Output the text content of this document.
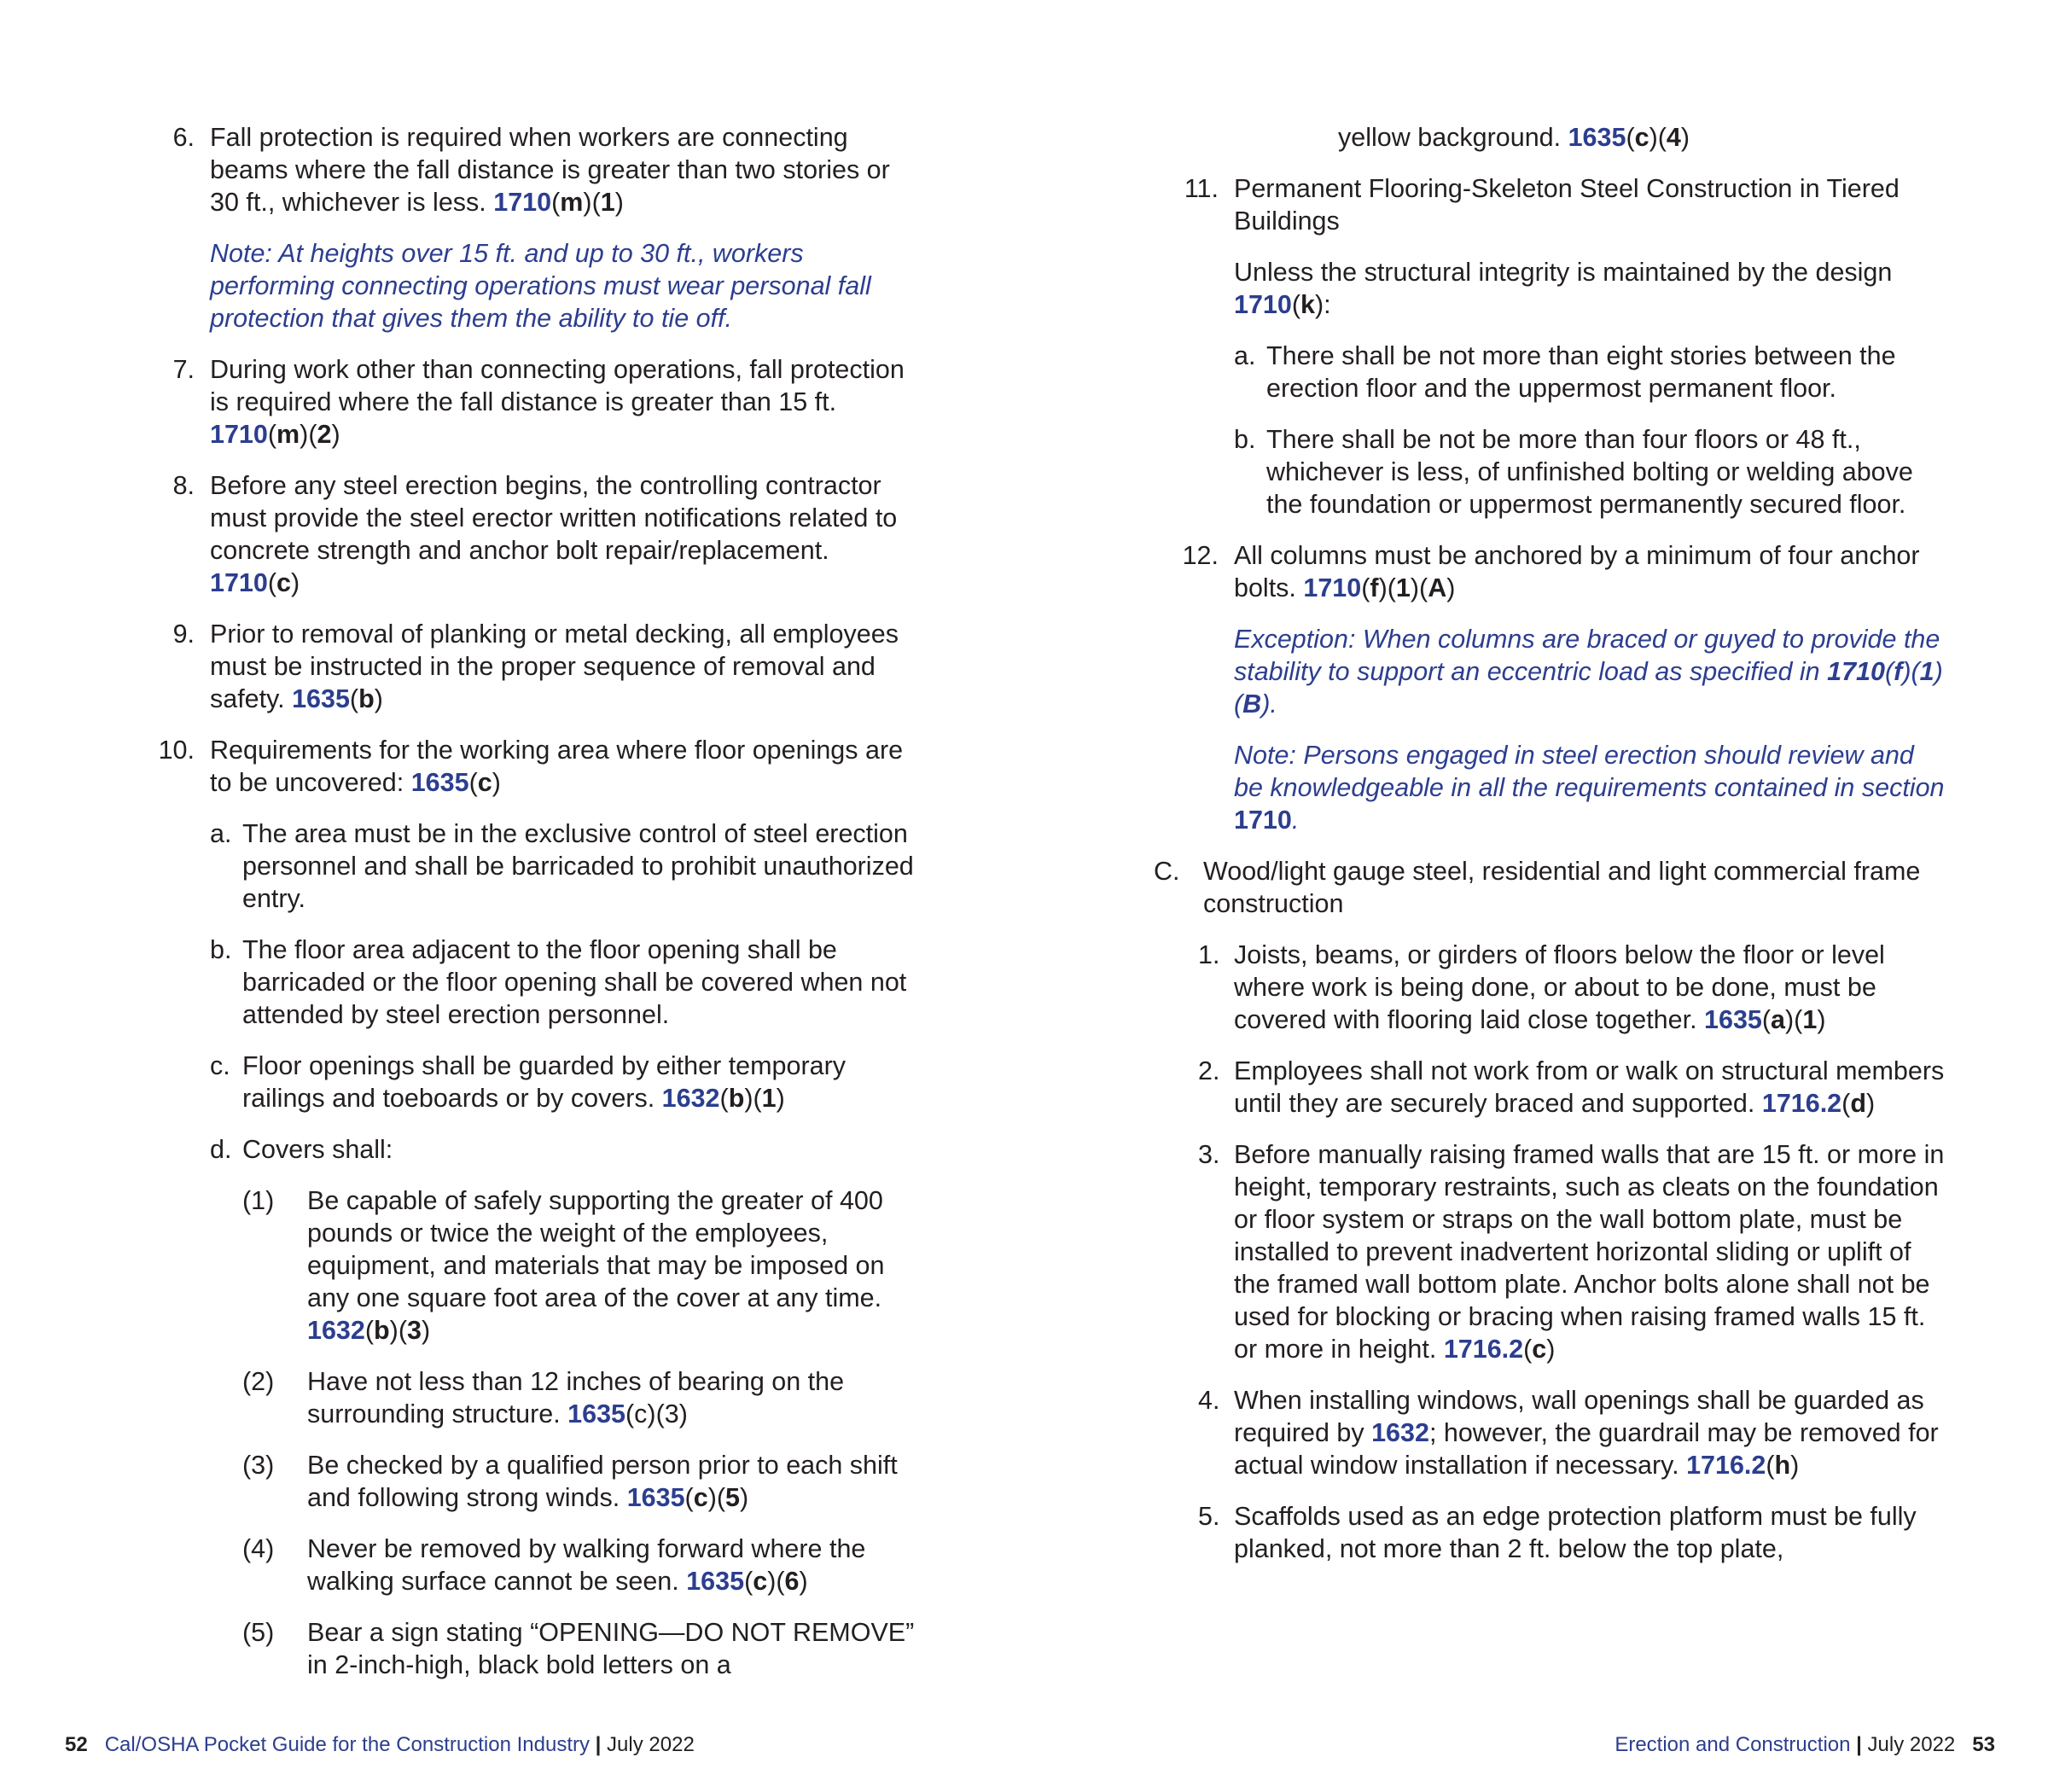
6. Fall protection is required when workers are connecting beams where the fall distance is greater than two stories or 30 ft., whichever is less. 1710(m)(1)

Note: At heights over 15 ft. and up to 30 ft., workers performing connecting operations must wear personal fall protection that gives them the ability to tie off.

7. During work other than connecting operations, fall protection is required where the fall distance is greater than 15 ft. 1710(m)(2)

8. Before any steel erection begins, the controlling contractor must provide the steel erector written notifications related to concrete strength and anchor bolt repair/replacement. 1710(c)

9. Prior to removal of planking or metal decking, all employees must be instructed in the proper sequence of removal and safety. 1635(b)

10. Requirements for the working area where floor openings are to be uncovered: 1635(c)

a. The area must be in the exclusive control of steel erection personnel and shall be barricaded to prohibit unauthorized entry.

b. The floor area adjacent to the floor opening shall be barricaded or the floor opening shall be covered when not attended by steel erection personnel.

c. Floor openings shall be guarded by either temporary railings and toeboards or by covers. 1632(b)(1)

d. Covers shall:

(1) Be capable of safely supporting the greater of 400 pounds or twice the weight of the employees, equipment, and materials that may be imposed on any one square foot area of the cover at any time. 1632(b)(3)

(2) Have not less than 12 inches of bearing on the surrounding structure. 1635(c)(3)

(3) Be checked by a qualified person prior to each shift and following strong winds. 1635(c)(5)

(4) Never be removed by walking forward where the walking surface cannot be seen. 1635(c)(6)

(5) Bear a sign stating “OPENING—DO NOT REMOVE” in 2-inch-high, black bold letters on a

yellow background. 1635(c)(4)

11. Permanent Flooring-Skeleton Steel Construction in Tiered Buildings

Unless the structural integrity is maintained by the design 1710(k):

a. There shall be not more than eight stories between the erection floor and the uppermost permanent floor.

b. There shall be not be more than four floors or 48 ft., whichever is less, of unfinished bolting or welding above the foundation or uppermost permanently secured floor.

12. All columns must be anchored by a minimum of four anchor bolts. 1710(f)(1)(A)

Exception: When columns are braced or guyed to provide the stability to support an eccentric load as specified in 1710(f)(1)(B).

Note: Persons engaged in steel erection should review and be knowledgeable in all the requirements contained in section 1710.

C. Wood/light gauge steel, residential and light commercial frame construction

1. Joists, beams, or girders of floors below the floor or level where work is being done, or about to be done, must be covered with flooring laid close together. 1635(a)(1)

2. Employees shall not work from or walk on structural members until they are securely braced and supported. 1716.2(d)

3. Before manually raising framed walls that are 15 ft. or more in height, temporary restraints, such as cleats on the foundation or floor system or straps on the wall bottom plate, must be installed to prevent inadvertent horizontal sliding or uplift of the framed wall bottom plate. Anchor bolts alone shall not be used for blocking or bracing when raising framed walls 15 ft. or more in height. 1716.2(c)

4. When installing windows, wall openings shall be guarded as required by 1632; however, the guardrail may be removed for actual window installation if necessary. 1716.2(h)

5. Scaffolds used as an edge protection platform must be fully planked, not more than 2 ft. below the top plate,

52 Cal/OSHA Pocket Guide for the Construction Industry | July 2022	Erection and Construction | July 2022 53
